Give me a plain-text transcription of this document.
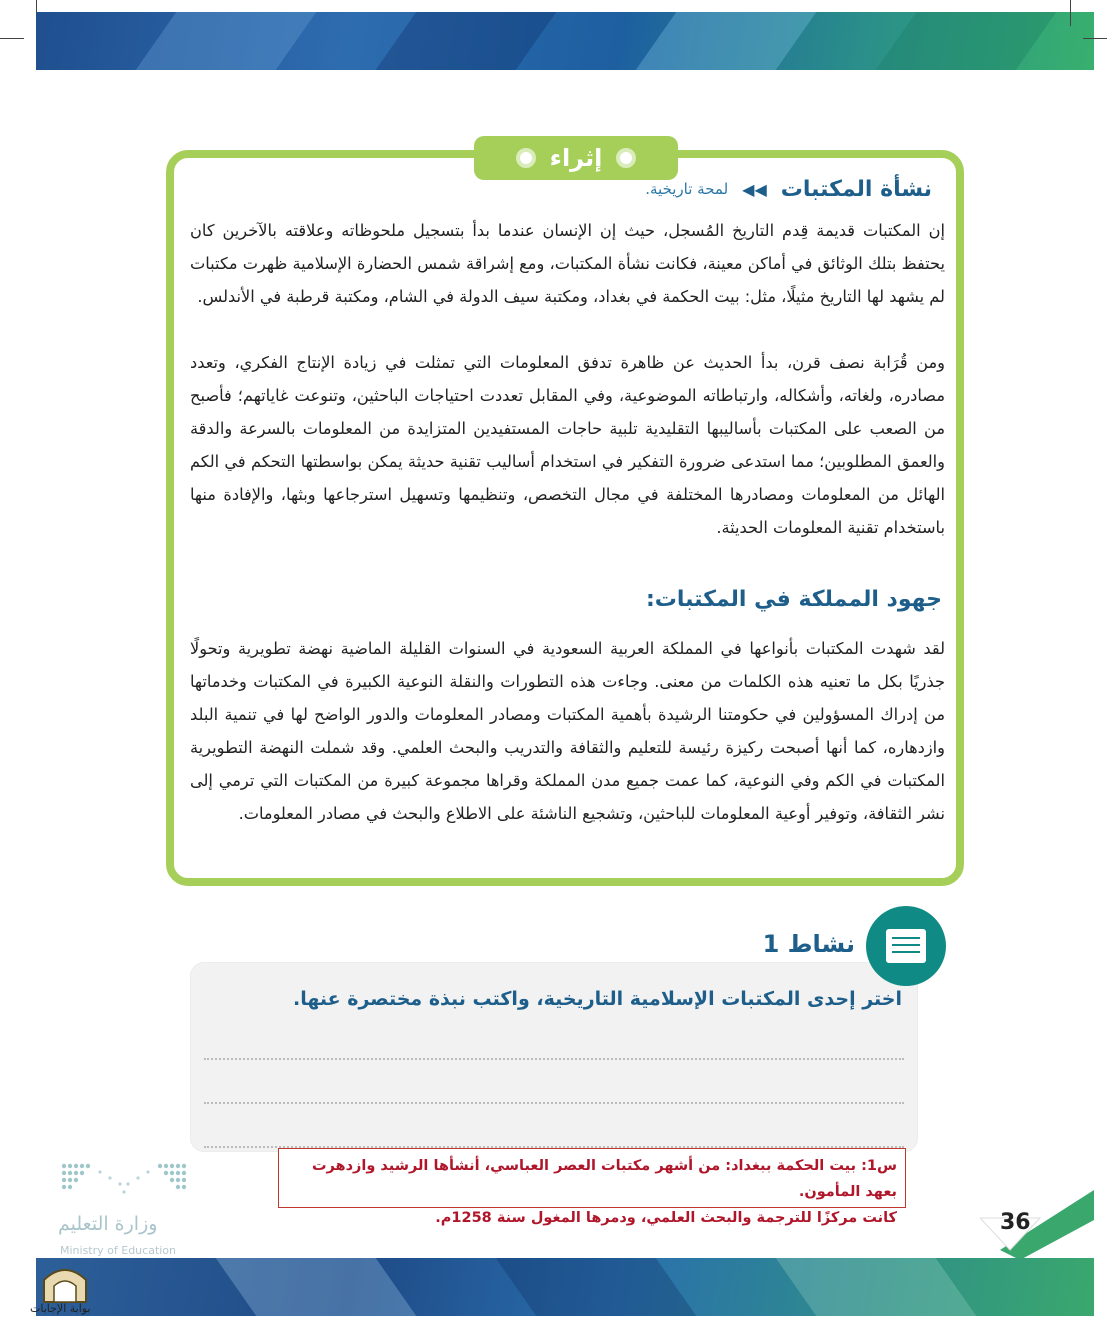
إثراء
نشأة المكتبات
◀◀
لمحة تاريخية.

إن المكتبات قديمة قِدم التاريخ المُسجل، حيث إن الإنسان عندما بدأ بتسجيل ملحوظاته وعلاقته بالآخرين كان يحتفظ بتلك الوثائق في أماكن معينة، فكانت نشأة المكتبات، ومع إشراقة شمس الحضارة الإسلامية ظهرت مكتبات لم يشهد لها التاريخ مثيلًا، مثل: بيت الحكمة في بغداد، ومكتبة سيف الدولة في الشام، ومكتبة قرطبة في الأندلس.

ومن قُرَابة نصف قرن، بدأ الحديث عن ظاهرة تدفق المعلومات التي تمثلت في زيادة الإنتاج الفكري، وتعدد مصادره، ولغاته، وأشكاله، وارتباطاته الموضوعية، وفي المقابل تعددت احتياجات الباحثين، وتنوعت غاياتهم؛ فأصبح من الصعب على المكتبات بأساليبها التقليدية تلبية حاجات المستفيدين المتزايدة من المعلومات بالسرعة والدقة والعمق المطلوبين؛ مما استدعى ضرورة التفكير في استخدام أساليب تقنية حديثة يمكن بواسطتها التحكم في الكم الهائل من المعلومات ومصادرها المختلفة في مجال التخصص، وتنظيمها وتسهيل استرجاعها وبثها، والإفادة منها باستخدام تقنية المعلومات الحديثة.

جهود المملكة في المكتبات:

لقد شهدت المكتبات بأنواعها في المملكة العربية السعودية في السنوات القليلة الماضية نهضة تطويرية وتحولًا جذريًا بكل ما تعنيه هذه الكلمات من معنى. وجاءت هذه التطورات والنقلة النوعية الكبيرة في المكتبات وخدماتها من إدراك المسؤولين في حكومتنا الرشيدة بأهمية المكتبات ومصادر المعلومات والدور الواضح لها في تنمية البلد وازدهاره، كما أنها أصبحت ركيزة رئيسة للتعليم والثقافة والتدريب والبحث العلمي. وقد شملت النهضة التطويرية المكتبات في الكم وفي النوعية، كما عمت جميع مدن المملكة وقراها مجموعة كبيرة من المكتبات التي ترمي إلى نشر الثقافة، وتوفير أوعية المعلومات للباحثين، وتشجيع الناشئة على الاطلاع والبحث في مصادر المعلومات.

نشاط 1
اختر إحدى المكتبات الإسلامية التاريخية، واكتب نبذة مختصرة عنها.
س1: بيت الحكمة ببغداد: من أشهر مكتبات العصر العباسي، أنشأها الرشيد وازدهرت بعهد المأمون.
كانت مركزًا للترجمة والبحث العلمي، ودمرها المغول سنة 1258م.
وزارة التعليم
Ministry of Education
36
بوابة الإجابات
